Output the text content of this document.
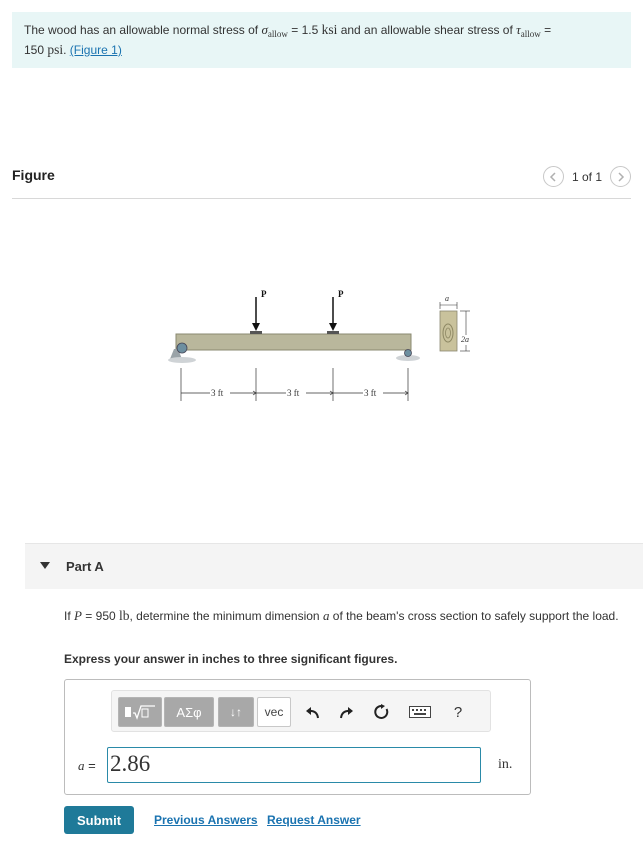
The wood has an allowable normal stress of $\sigma_{allow} = 1.5$ ksi and an allowable shear stress of $\tau_{allow}$ =
150 psi. (Figure 1)
Figure	1 of 1
P	P
3 ft	3 ft	3 ft
a
2a
Part A
If P = 950 lb, determine the minimum dimension a of the beam's cross section to safely support the load.
Express your answer in inches to three significant figures.
ΑΣφ	↓↑	vec	?
a = 2.86	in.
Submit	Previous Answers Request Answer
